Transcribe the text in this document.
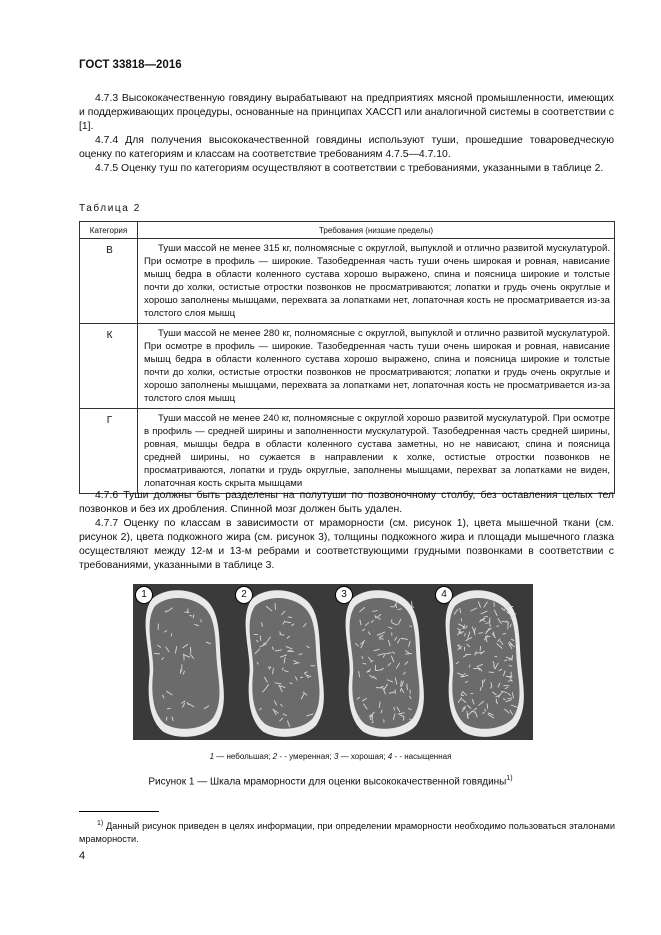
ГОСТ 33818—2016

4.7.3 Высококачественную говядину вырабатывают на предприятиях мясной промышленности, имеющих и поддерживающих процедуры, основанные на принципах ХАССП или аналогичной системы в соответствии с [1].

4.7.4 Для получения высококачественной говядины используют туши, прошедшие товароведческую оценку по категориям и классам на соответствие требованиям 4.7.5—4.7.10.

4.7.5 Оценку туш по категориям осуществляют в соответствии с требованиями, указанными в таблице 2.

Таблица 2
Категория	Требования (низшие пределы)
В	Туши массой не менее 315 кг, полномясные с округлой, выпуклой и отлично развитой мускулатурой. При осмотре в профиль — широкие. Тазобедренная часть туши очень широкая и ровная, нависание мышц бедра в области коленного сустава хорошо выражено, спина и поясница широкие и толстые почти до холки, остистые отростки позвонков не просматриваются; лопатки и грудь очень округлые и хорошо заполнены мышцами, перехвата за лопатками нет, лопаточная кость не просматривается из-за толстого слоя мышц
К	Туши массой не менее 280 кг, полномясные с округлой, выпуклой и отлично развитой мускулатурой. При осмотре в профиль — широкие. Тазобедренная часть туши очень широкая и ровная, нависание мышц бедра в области коленного сустава хорошо выражено, спина и поясница широкие и толстые почти до холки, остистые отростки позвонков не просматриваются; лопатки и грудь очень округлые и хорошо заполнены мышцами, перехвата за лопатками нет, лопаточная кость не просматривается из-за толстого слоя мышц
Г	Туши массой не менее 240 кг, полномясные с округлой хорошо развитой мускулатурой. При осмотре в профиль — средней ширины и заполненности мускулатурой. Тазобедренная часть средней ширины, ровная, мышцы бедра в области коленного сустава заметны, но не нависают, спина и поясница средней ширины, но сужается в направлении к холке, остистые отростки позвонков не просматриваются, лопатки и грудь округлые, заполнены мышцами, перехват за лопатками не виден, лопаточная кость скрыта мышцами

4.7.6 Туши должны быть разделены на полутуши по позвоночному столбу, без оставления целых тел позвонков и без их дробления. Спинной мозг должен быть удален.

4.7.7 Оценку по классам в зависимости от мраморности (см. рисунок 1), цвета мышечной ткани (см. рисунок 2), цвета подкожного жира (см. рисунок 3), толщины подкожного жира и площади мышечного глазка осуществляют между 12-м и 13-м ребрами и соответствующими грудными позвонками в соответствии с требованиями, указанными в таблице 3.

1	2	3	4
1 — небольшая; 2 - - умеренная; 3 — хорошая; 4 - - насыщенная
Рисунок 1 — Шкала мраморности для оценки высококачественной говядины$^{1)}$

$^{1)}$ Данный рисунок приведен в целях информации, при определении мраморности необходимо пользоваться эталонами мраморности.

4
